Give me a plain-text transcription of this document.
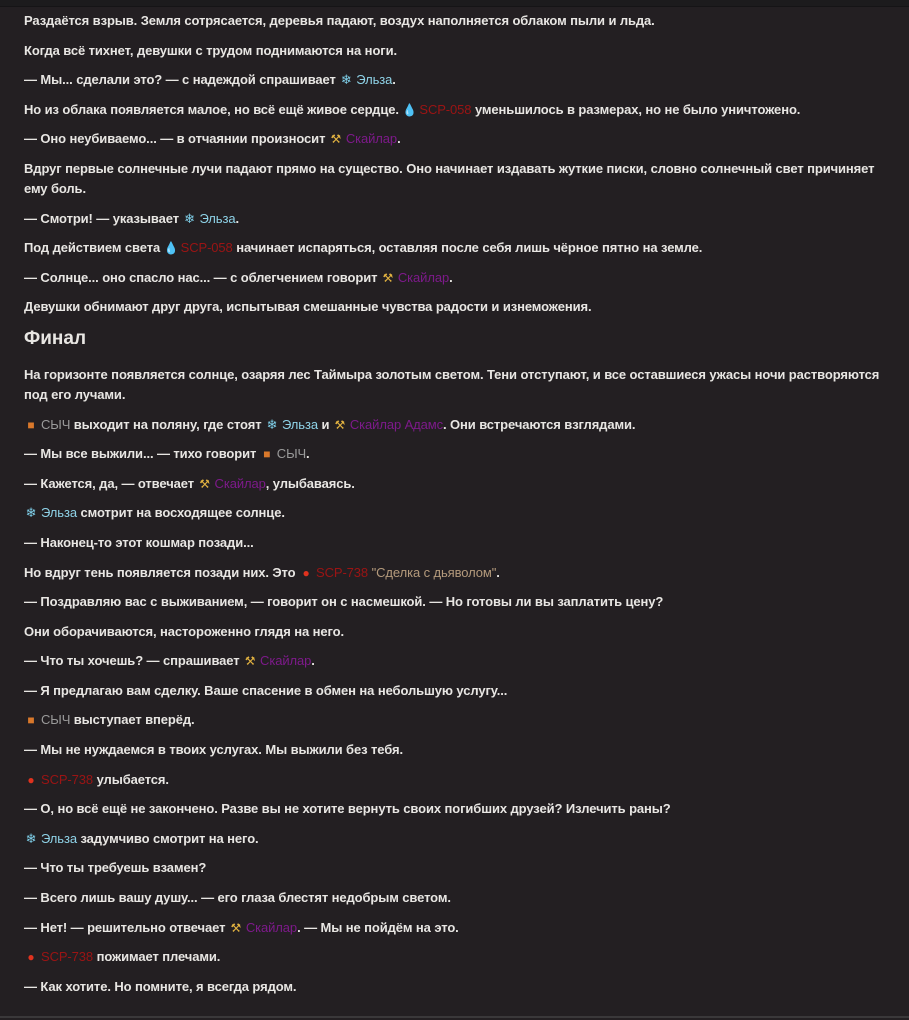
Раздаётся взрыв. Земля сотрясается, деревья падают, воздух наполняется облаком пыли и льда.

Когда всё тихнет, девушки с трудом поднимаются на ноги.

— Мы... сделали это? — с надеждой спрашивает ❄ Эльза.

Но из облака появляется малое, но всё ещё живое сердце. 💧 SCP-058 уменьшилось в размерах, но не было уничтожено.

— Оно неубиваемо... — в отчаянии произносит ⚒ Скайлар.

Вдруг первые солнечные лучи падают прямо на существо. Оно начинает издавать жуткие писки, словно солнечный свет причиняет ему боль.

— Смотри! — указывает ❄ Эльза.

Под действием света 💧 SCP-058 начинает испаряться, оставляя после себя лишь чёрное пятно на земле.

— Солнце... оно спасло нас... — с облегчением говорит ⚒ Скайлар.

Девушки обнимают друг друга, испытывая смешанные чувства радости и изнеможения.

Финал

На горизонте появляется солнце, озаряя лес Таймыра золотым светом. Тени отступают, и все оставшиеся ужасы ночи растворяются под его лучами.

■ СЫЧ выходит на поляну, где стоят ❄ Эльза и ⚒ Скайлар Адамс. Они встречаются взглядами.

— Мы все выжили... — тихо говорит ■ СЫЧ.

— Кажется, да, — отвечает ⚒ Скайлар, улыбаваясь.

❄ Эльза смотрит на восходящее солнце.

— Наконец-то этот кошмар позади...

Но вдруг тень появляется позади них. Это ● SCP-738 "Сделка с дьяволом".

— Поздравляю вас с выживанием, — говорит он с насмешкой. — Но готовы ли вы заплатить цену?

Они оборачиваются, настороженно глядя на него.

— Что ты хочешь? — спрашивает ⚒ Скайлар.

— Я предлагаю вам сделку. Ваше спасение в обмен на небольшую услугу...

■ СЫЧ выступает вперёд.

— Мы не нуждаемся в твоих услугах. Мы выжили без тебя.

● SCP-738 улыбается.

— О, но всё ещё не закончено. Разве вы не хотите вернуть своих погибших друзей? Излечить раны?

❄ Эльза задумчиво смотрит на него.

— Что ты требуешь взамен?

— Всего лишь вашу душу... — его глаза блестят недобрым светом.

— Нет! — решительно отвечает ⚒ Скайлар. — Мы не пойдём на это.

● SCP-738 пожимает плечами.

— Как хотите. Но помните, я всегда рядом.
